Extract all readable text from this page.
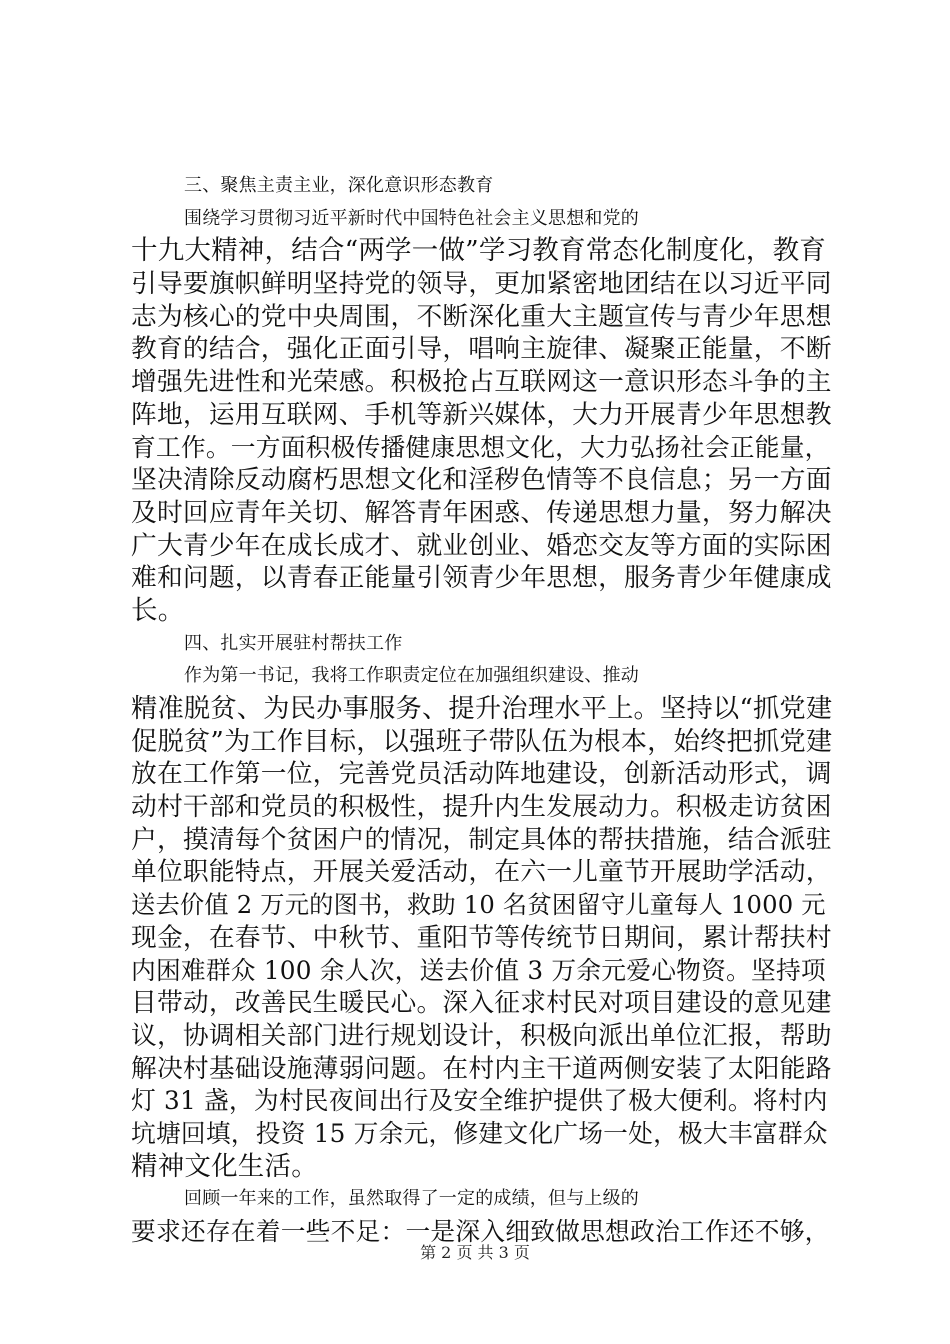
三、聚焦主责主业，深化意识形态教育
围绕学习贯彻习近平新时代中国特色社会主义思想和党的
十九大精神，结合“两学一做”学习教育常态化制度化，教育
引导要旗帜鲜明坚持党的领导，更加紧密地团结在以习近平同
志为核心的党中央周围，不断深化重大主题宣传与青少年思想
教育的结合，强化正面引导，唱响主旋律、凝聚正能量，不断
增强先进性和光荣感。积极抢占互联网这一意识形态斗争的主
阵地，运用互联网、手机等新兴媒体，大力开展青少年思想教
育工作。一方面积极传播健康思想文化，大力弘扬社会正能量，
坚决清除反动腐朽思想文化和淫秽色情等不良信息；另一方面
及时回应青年关切、解答青年困惑、传递思想力量，努力解决
广大青少年在成长成才、就业创业、婚恋交友等方面的实际困
难和问题，以青春正能量引领青少年思想，服务青少年健康成
长。
四、扎实开展驻村帮扶工作
作为第一书记，我将工作职责定位在加强组织建设、推动
精准脱贫、为民办事服务、提升治理水平上。坚持以“抓党建
促脱贫”为工作目标，以强班子带队伍为根本，始终把抓党建
放在工作第一位，完善党员活动阵地建设，创新活动形式，调
动村干部和党员的积极性，提升内生发展动力。积极走访贫困
户，摸清每个贫困户的情况，制定具体的帮扶措施，结合派驻
单位职能特点，开展关爱活动，在六一儿童节开展助学活动，
送去价值 2 万元的图书，救助 10 名贫困留守儿童每人 1000 元
现金，在春节、中秋节、重阳节等传统节日期间，累计帮扶村
内困难群众 100 余人次，送去价值 3 万余元爱心物资。坚持项
目带动，改善民生暖民心。深入征求村民对项目建设的意见建
议，协调相关部门进行规划设计，积极向派出单位汇报，帮助
解决村基础设施薄弱问题。在村内主干道两侧安装了太阳能路
灯 31 盏，为村民夜间出行及安全维护提供了极大便利。将村内
坑塘回填，投资 15 万余元，修建文化广场一处，极大丰富群众
精神文化生活。
回顾一年来的工作，虽然取得了一定的成绩，但与上级的
要求还存在着一些不足：一是深入细致做思想政治工作还不够，
第 2 页 共 3 页
